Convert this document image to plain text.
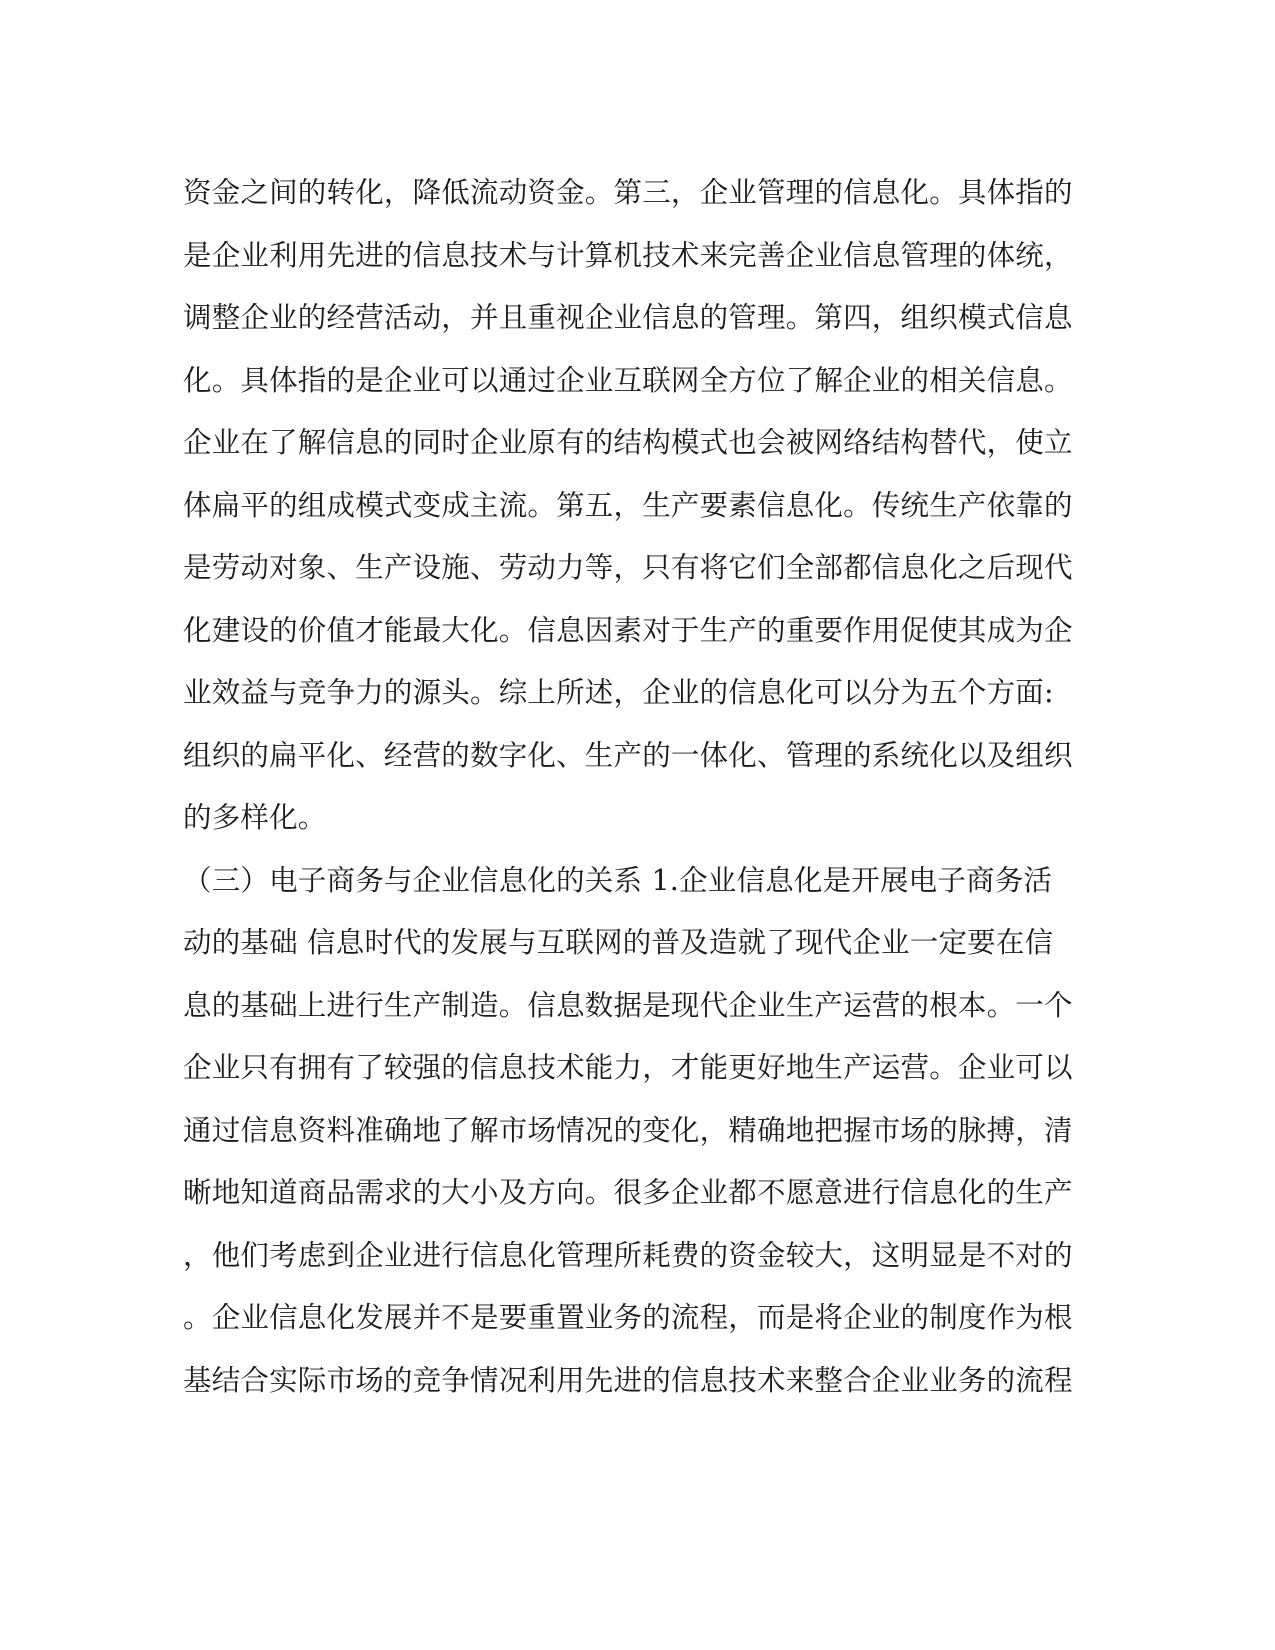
资金之间的转化，降低流动资金。第三，企业管理的信息化。具体指的
是企业利用先进的信息技术与计算机技术来完善企业信息管理的体统，
调整企业的经营活动，并且重视企业信息的管理。第四，组织模式信息
化。具体指的是企业可以通过企业互联网全方位了解企业的相关信息。
企业在了解信息的同时企业原有的结构模式也会被网络结构替代，使立
体扁平的组成模式变成主流。第五，生产要素信息化。传统生产依靠的
是劳动对象、生产设施、劳动力等，只有将它们全部都信息化之后现代
化建设的价值才能最大化。信息因素对于生产的重要作用促使其成为企
业效益与竞争力的源头。综上所述，企业的信息化可以分为五个方面:
组织的扁平化、经营的数字化、生产的一体化、管理的系统化以及组织
的多样化。
（三）电子商务与企业信息化的关系 1.企业信息化是开展电子商务活
动的基础 信息时代的发展与互联网的普及造就了现代企业一定要在信
息的基础上进行生产制造。信息数据是现代企业生产运营的根本。一个
企业只有拥有了较强的信息技术能力，才能更好地生产运营。企业可以
通过信息资料准确地了解市场情况的变化，精确地把握市场的脉搏，清
晰地知道商品需求的大小及方向。很多企业都不愿意进行信息化的生产
，他们考虑到企业进行信息化管理所耗费的资金较大，这明显是不对的
。企业信息化发展并不是要重置业务的流程，而是将企业的制度作为根
基结合实际市场的竞争情况利用先进的信息技术来整合企业业务的流程
